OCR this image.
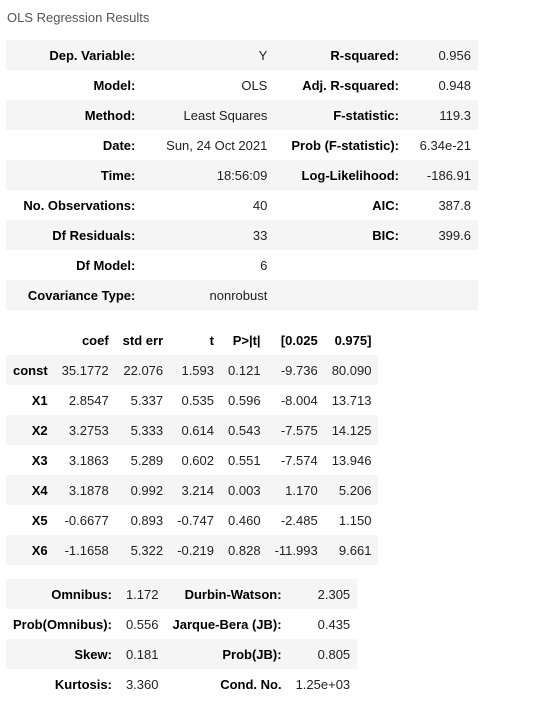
OLS Regression Results
Dep. Variable:	Y	R-squared:	0.956
Model:	OLS	Adj. R-squared:	0.948
Method:	Least Squares	F-statistic:	119.3
Date:	Sun, 24 Oct 2021	Prob (F-statistic):	6.34e-21
Time:	18:56:09	Log-Likelihood:	-186.91
No. Observations:	40	AIC:	387.8
Df Residuals:	33	BIC:	399.6
Df Model:	6		
Covariance Type:	nonrobust		
	coef	std err	t	P>|t|	[0.025	0.975]
const	35.1772	22.076	1.593	0.121	-9.736	80.090
X1	2.8547	5.337	0.535	0.596	-8.004	13.713
X2	3.2753	5.333	0.614	0.543	-7.575	14.125
X3	3.1863	5.289	0.602	0.551	-7.574	13.946
X4	3.1878	0.992	3.214	0.003	1.170	5.206
X5	-0.6677	0.893	-0.747	0.460	-2.485	1.150
X6	-1.1658	5.322	-0.219	0.828	-11.993	9.661
Omnibus:	1.172	Durbin-Watson:	2.305
Prob(Omnibus):	0.556	Jarque-Bera (JB):	0.435
Skew:	0.181	Prob(JB):	0.805
Kurtosis:	3.360	Cond. No.	1.25e+03
